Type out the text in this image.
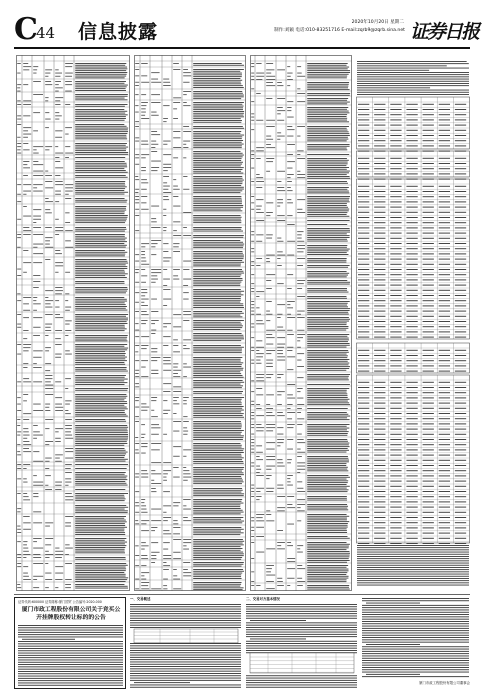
C
44 信息披露	2020年10月20日 星期二
制作:刘颖 电话:010-83251716 E-mail:zqrb9@zqrb.sina.net 证券日报
证券代码:600000 证券简称:厦门国贸 公告编号:2020-000
厦门市政工程股份有限公司关于竞买公开挂牌股权转让标的的公告
一、交易概述	二、交易对方基本情况
厦门市政工程股份有限公司董事会
